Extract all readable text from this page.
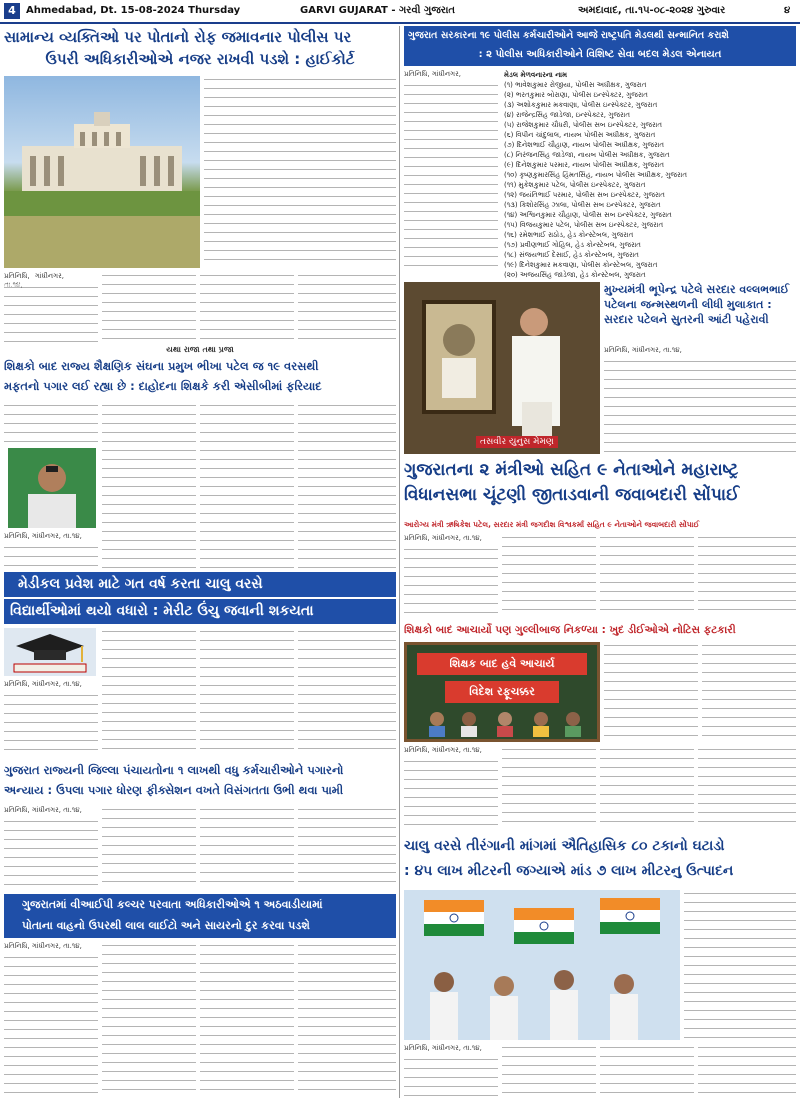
4	Ahmedabad, Dt. 15-08-2024 Thursday	GARVI GUJARAT - ગરવી ગુજરાત	અમદાવાદ, તા.૧૫-૦૮-૨૦૨૪ ગુરુવાર	૪
સામાન્ય વ્યક્તિઓ પર પોતાનો રોફ જમાવનાર પોલીસ પર
ઉપરી અધિકારીઓએ નજર રાખવી પડશે : હાઈકોર્ટ
પ્રતિનિધિ, ગાંધીનગર,
યથા રાજા તથા પ્રજા
ગુજરાત સરકારના ૧૯ પોલીસ કર્મચારીઓને આજે રાષ્ટ્રપતિ મેડલથી સન્માનિત કરાશે
: ૨ પોલીસ અધિકારીઓને વિશિષ્ટ સેવા બદલ મેડલ એનાયત
પ્રતિનિધિ, ગાંધીનગર,	મેડલ મેળવનારના નામ
(૧) ભાવેશકુમાર રોજીયા, પોલીસ અધીક્ષક, ગુજરાત
(૨) ભરતકુમાર બોરાણા, પોલીસ ઇન્સ્પેક્ટર, ગુજરાત
(૩) અશોકકુમાર મકવાણા, પોલીસ ઇન્સ્પેક્ટર, ગુજરાત
(૪) રાજેન્દ્રસિંહ જાડેજા, ઇન્સ્પેક્ટર, ગુજરાત
(૫) રાજેશકુમાર ચૌધરી, પોલીસ સબ ઇન્સ્પેક્ટર, ગુજરાત
(૬) વિપીન ચાંદુલાલ, નાયબ પોલીસ અધીક્ષક, ગુજરાત
(૭) દિનેશભાઈ ચૌહાણ, નાયબ પોલીસ અધીક્ષક, ગુજરાત
(૮) નિરંજનસિંહ જાડેજા, નાયબ પોલીસ અધીક્ષક, ગુજરાત
(૯) દિનેશકુમાર પરમાર, નાયબ પોલીસ અધીક્ષક, ગુજરાત
(૧૦) કૃષ્ણકુમારસિંહ હિંમતસિંહ, નાયબ પોલીસ અધીક્ષક, ગુજરાત
(૧૧) મુકેશકુમાર પટેલ, પોલીસ ઇન્સ્પેક્ટર, ગુજરાત
(૧૨) જયંતિભાઈ પરમાર, પોલીસ સબ ઇન્સ્પેક્ટર, ગુજરાત
(૧૩) કિશોરસિંહ ઝાલા, પોલીસ સબ ઇન્સ્પેક્ટર, ગુજરાત
(૧૪) અશ્વિનકુમાર ચૌહાણ, પોલીસ સબ ઇન્સ્પેક્ટર, ગુજરાત
(૧૫) વિજયકુમાર પટેલ, પોલીસ સબ ઇન્સ્પેક્ટર, ગુજરાત
(૧૬) રમેશભાઈ રાઠોડ, હેડ કોન્સ્ટેબલ, ગુજરાત
(૧૭) પ્રવીણભાઈ ગોહિલ, હેડ કોન્સ્ટેબલ, ગુજરાત
(૧૮) સંજયભાઈ દેસાઈ, હેડ કોન્સ્ટેબલ, ગુજરાત
(૧૯) દિનેશકુમાર મકવાણા, પોલીસ કોન્સ્ટેબલ, ગુજરાત
(૨૦) અજયસિંહ જાડેજા, હેડ કોન્સ્ટેબલ, ગુજરાત
તસવીર યુનુસ મેમણ
મુખ્યમંત્રી ભૂપેન્દ્ર પટેલે સરદાર વલ્લભભાઈ પટેલના જન્મસ્થળની લીધી મુલાકાત : સરદાર પટેલને સુતરની આંટી પહેરાવી
પ્રતિનિધિ, ગાંધીનગર, તા.૧૪,
શિક્ષકો બાદ રાજ્ય શૈક્ષણિક સંઘના પ્રમુખ ભીખા પટેલ જ ૧૯ વરસથી
મફતનો પગાર લઈ રહ્યા છે : દાહોદના શિક્ષકે કરી એસીબીમાં ફરિયાદ
પ્રતિનિધિ, ગાંધીનગર, તા.૧૪,
ગુજરાતના ૨ મંત્રીઓ સહિત ૯ નેતાઓને મહારાષ્ટ્ર
વિધાનસભા ચૂંટણી જીતાડવાની જવાબદારી સોંપાઈ
આરોગ્ય મંત્રી ઋષિકેશ પટેલ, સરદાર મંત્રી જગદીશ વિશ્વકર્મા સહિત ૯ નેતાઓને જવાબદારી સોંપાઈ
પ્રતિનિધિ, ગાંધીનગર, તા.૧૪,
મેડીકલ પ્રવેશ માટે ગત વર્ષ કરતા ચાલુ વરસે
વિદ્યાર્થીઓમાં થયો વધારો : મેરીટ ઉંચુ જવાની શકયતા
પ્રતિનિધિ, ગાંધીનગર, તા.૧૪,
શિક્ષકો બાદ આચાર્યો પણ ગુલ્લીબાજ નિકળ્યા : ખુદ ડીઈઓએ નોટિસ ફટકારી
શિક્ષક બાદ હવે આચાર્ય
વિદેશ રફૂચક્કર
પ્રતિનિધિ, ગાંધીનગર, તા.૧૪,
ગુજરાત રાજ્યની જિલ્લા પંચાયતોના ૧ લાખથી વધુ કર્મચારીઓને પગારનો
અન્યાય : ઉપલા પગાર ધોરણ ફીક્સેશન વખતે વિસંગતતા ઉભી થવા પામી
પ્રતિનિધિ, ગાંધીનગર, તા.૧૪,
ચાલુ વરસે તીરંગાની માંગમાં ઐતિહાસિક ૮૦ ટકાનો ઘટાડો
: ૪૫ લાખ મીટરની જગ્યાએ માંડ ૭ લાખ મીટરનુ ઉત્પાદન
પ્રતિનિધિ, ગાંધીનગર, તા.૧૪,
ગુજરાતમાં વીઆઈપી કલ્ચર પરવાતા અધિકારીઓએ ૧ અઠવાડીયામાં
પોતાના વાહનો ઉપરથી લાલ લાઈટો અને સાયરનો દુર કરવા પડશે
પ્રતિનિધિ, ગાંધીનગર, તા.૧૪,
